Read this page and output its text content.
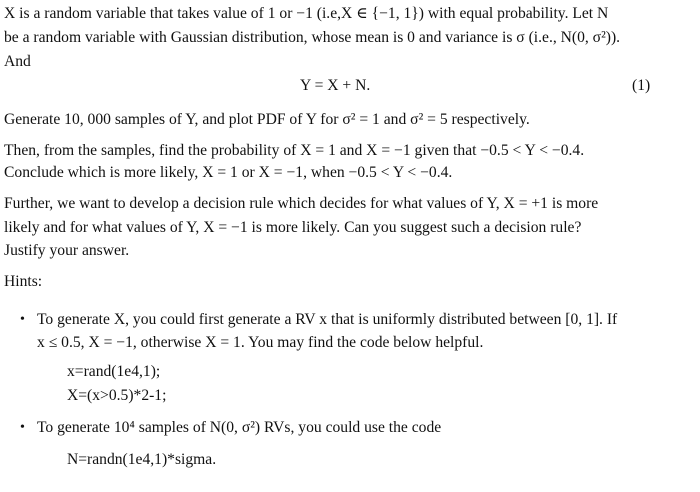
X is a random variable that takes value of 1 or −1 (i.e,X ∈ {−1, 1}) with equal probability. Let N
be a random variable with Gaussian distribution, whose mean is 0 and variance is σ (i.e., N(0, σ²)).
And
Y = X + N.	(1)
Generate 10, 000 samples of Y, and plot PDF of Y for σ² = 1 and σ² = 5 respectively.
Then, from the samples, find the probability of X = 1 and X = −1 given that −0.5 < Y < −0.4.
Conclude which is more likely, X = 1 or X = −1, when −0.5 < Y < −0.4.
Further, we want to develop a decision rule which decides for what values of Y, X = +1 is more
likely and for what values of Y, X = −1 is more likely. Can you suggest such a decision rule?
Justify your answer.
Hints:
• To generate X, you could first generate a RV x that is uniformly distributed between [0, 1]. If
x ≤ 0.5, X = −1, otherwise X = 1. You may find the code below helpful.
x=rand(1e4,1);
X=(x>0.5)*2-1;
• To generate 10⁴ samples of N(0, σ²) RVs, you could use the code
N=randn(1e4,1)*sigma.
